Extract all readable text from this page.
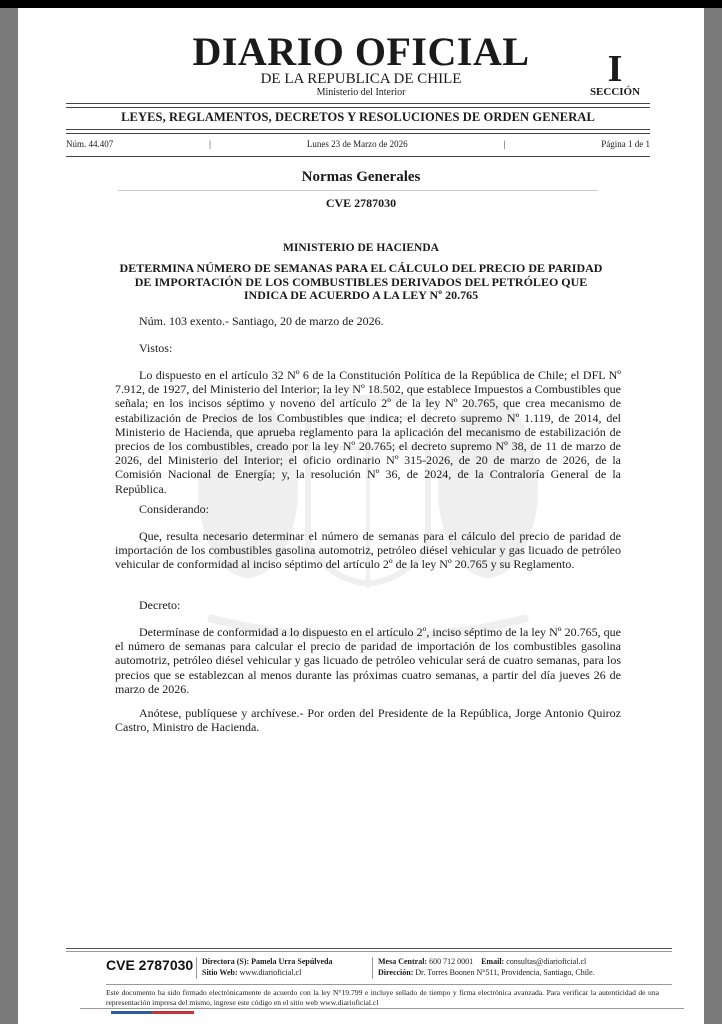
DIARIO OFICIAL
DE LA REPUBLICA DE CHILE
Ministerio del Interior
I
SECCIÓN
LEYES, REGLAMENTOS, DECRETOS Y RESOLUCIONES DE ORDEN GENERAL
Núm. 44.407	|	Lunes 23 de Marzo de 2026	|	Página 1 de 1
Normas Generales
CVE 2787030
MINISTERIO DE HACIENDA
DETERMINA NÚMERO DE SEMANAS PARA EL CÁLCULO DEL PRECIO DE PARIDAD DE IMPORTACIÓN DE LOS COMBUSTIBLES DERIVADOS DEL PETRÓLEO QUE INDICA DE ACUERDO A LA LEY Nº 20.765
Núm. 103 exento.- Santiago, 20 de marzo de 2026.
Vistos:
Lo dispuesto en el artículo 32 Nº 6 de la Constitución Política de la República de Chile; el DFL Nº 7.912, de 1927, del Ministerio del Interior; la ley Nº 18.502, que establece Impuestos a Combustibles que señala; en los incisos séptimo y noveno del artículo 2º de la ley Nº 20.765, que crea mecanismo de estabilización de Precios de los Combustibles que indica; el decreto supremo Nº 1.119, de 2014, del Ministerio de Hacienda, que aprueba reglamento para la aplicación del mecanismo de estabilización de precios de los combustibles, creado por la ley Nº 20.765; el decreto supremo Nº 38, de 11 de marzo de 2026, del Ministerio del Interior; el oficio ordinario Nº 315-2026, de 20 de marzo de 2026, de la Comisión Nacional de Energía; y, la resolución Nº 36, de 2024, de la Contraloría General de la República.
Considerando:
Que, resulta necesario determinar el número de semanas para el cálculo del precio de paridad de importación de los combustibles gasolina automotriz, petróleo diésel vehicular y gas licuado de petróleo vehicular de conformidad al inciso séptimo del artículo 2º de la ley Nº 20.765 y su Reglamento.
Decreto:
Determínase de conformidad a lo dispuesto en el artículo 2º, inciso séptimo de la ley Nº 20.765, que el número de semanas para calcular el precio de paridad de importación de los combustibles gasolina automotriz, petróleo diésel vehicular y gas licuado de petróleo vehicular será de cuatro semanas, para los precios que se establezcan al menos durante las próximas cuatro semanas, a partir del día jueves 26 de marzo de 2026.
Anótese, publíquese y archívese.- Por orden del Presidente de la República, Jorge Antonio Quiroz Castro, Ministro de Hacienda.
CVE 2787030 Directora (S): Pamela Urra Sepúlveda
Sitio Web: www.diarioficial.cl
Mesa Central: 600 712 0001 Email: consultas@diarioficial.cl
Dirección: Dr. Torres Boonen N°511, Providencia, Santiago, Chile.
Este documento ha sido firmado electrónicamente de acuerdo con la ley N°19.799 e incluye sellado de tiempo y firma electrónica avanzada. Para verificar la autenticidad de una representación impresa del mismo, ingrese este código en el sitio web www.diarioficial.cl
